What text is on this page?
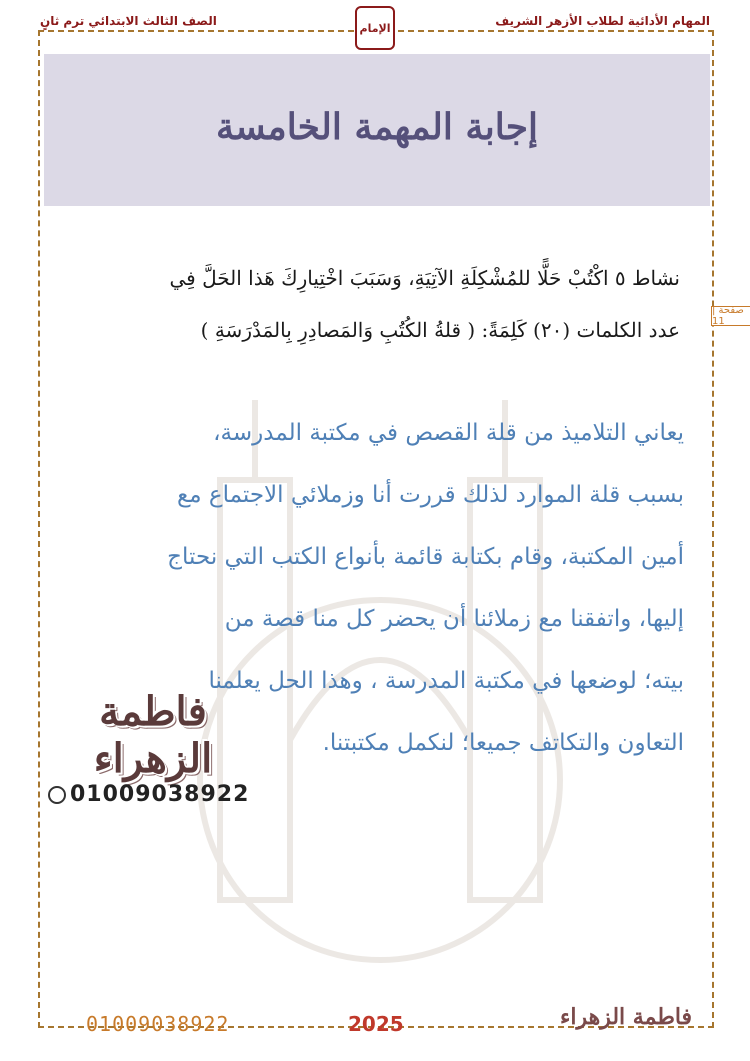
الصف الثالث الابتدائي ترم ثانٍ	الإمام	المهام الأدائية لطلاب الأزهر الشريف
صفحة | 11
إجابة المهمة الخامسة
نشاط ٥ اكْتُبْ حَلًّا للمُشْكِلَةِ الآتِيَةِ، وَسَبَبَ اخْتِيارِكَ هَذا الحَلَّ فِي
عدد الكلمات (٢٠) كَلِمَةً: ( قلةُ الكُتُبِ وَالمَصادِرِ بِالمَدْرَسَةِ )
يعاني التلاميذ من قلة القصص في مكتبة المدرسة،
بسبب قلة الموارد لذلك قررت أنا وزملائي الاجتماع مع
أمين المكتبة، وقام بكتابة قائمة بأنواع الكتب التي نحتاج
إليها، واتفقنا مع زملائنا أن يحضر كل منا قصة من
بيته؛ لوضعها في مكتبة المدرسة ، وهذا الحل يعلمنا
التعاون والتكاتف جميعا؛ لنكمل مكتبتنا.
فاطمة الزهراء
01009038922
01009038922	2025	فاطمة الزهراء
